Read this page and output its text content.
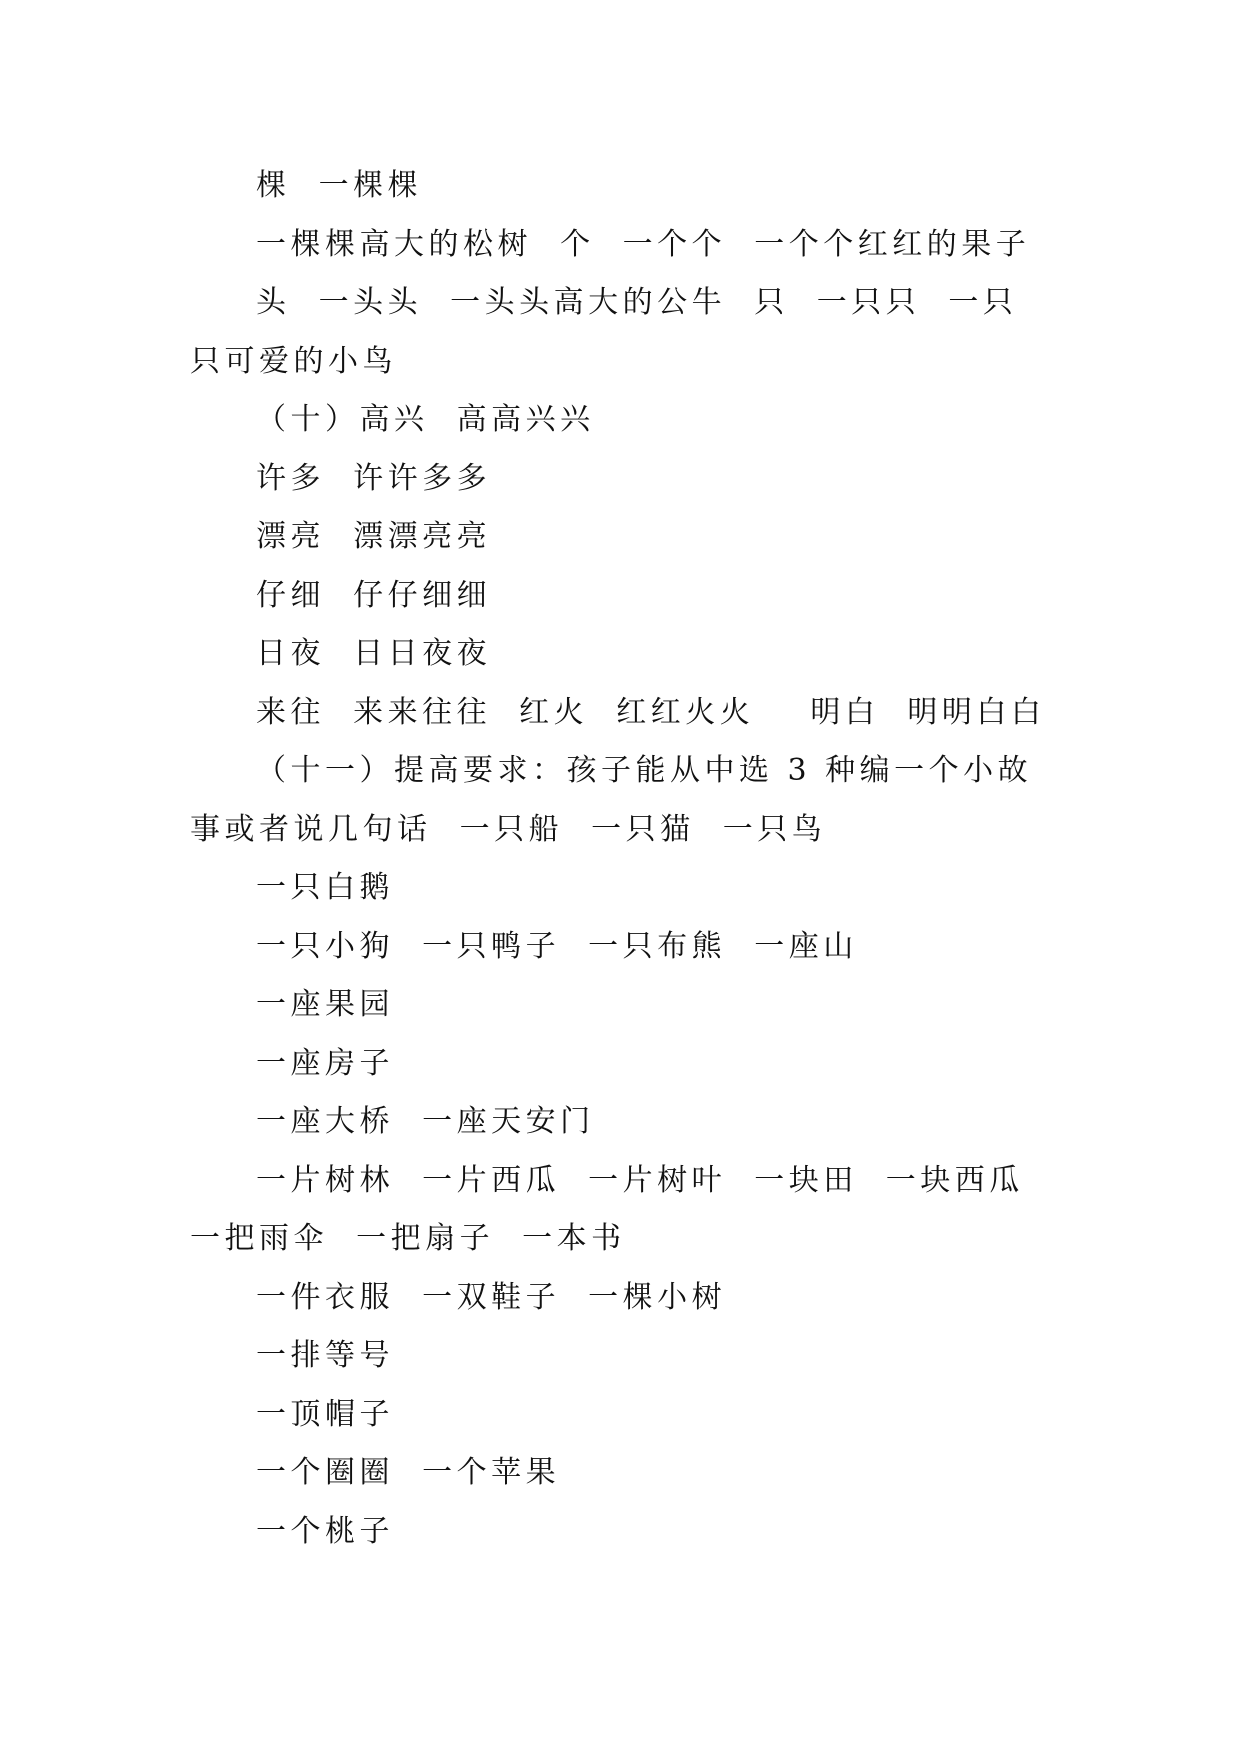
棵  一棵棵

一棵棵高大的松树  个  一个个  一个个红红的果子

头  一头头  一头头高大的公牛  只  一只只  一只只可爱的小鸟

（十）高兴  高高兴兴

许多  许许多多

漂亮  漂漂亮亮

仔细  仔仔细细

日夜  日日夜夜

来往  来来往往  红火  红红火火    明白  明明白白

（十一）提高要求：孩子能从中选 3 种编一个小故事或者说几句话  一只船  一只猫  一只鸟

一只白鹅

一只小狗  一只鸭子  一只布熊  一座山

一座果园

一座房子

一座大桥  一座天安门

一片树林  一片西瓜  一片树叶  一块田  一块西瓜  一把雨伞  一把扇子  一本书

一件衣服  一双鞋子  一棵小树

一排等号

一顶帽子

一个圈圈  一个苹果

一个桃子
